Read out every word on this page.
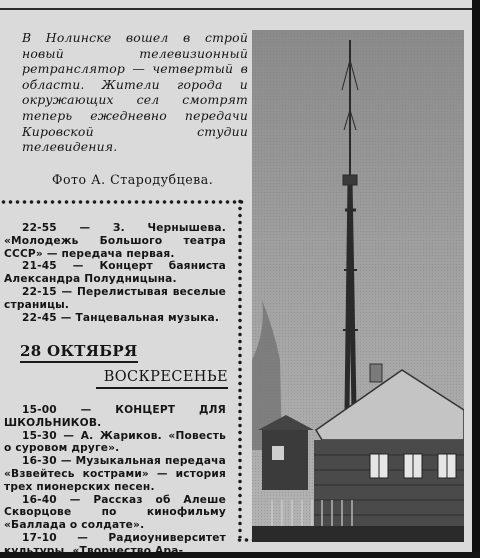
В Нолинске вошел в строй новый телевизионный ретранслятор — четвертый в области. Жители города и окружающих сел смотрят теперь ежедневно передачи Кировской студии телевидения.
Фото А. Стародубцева.
22-55 — З. Чернышева. «Молодежь Большого театра СССР» — передача первая.
21-45 — Концерт баяниста Александра Полудницына.
22-15 — Перелистывая веселые страницы.
22-45 — Танцевальная музыка.
28 ОКТЯБРЯ
ВОСКРЕСЕНЬЕ
15-00 — КОНЦЕРТ ДЛЯ ШКОЛЬНИКОВ.
15-30 — А. Жариков. «Повесть о суровом друге».
16-30 — Музыкальная передача «Взвейтесь кострами» — история трех пионерских песен.
16-40 — Рассказ об Алеше Скворцове по кинофильму «Баллада о солдате».
17-10 — Радиоуниверситет культуры. «Творчество Ара-
